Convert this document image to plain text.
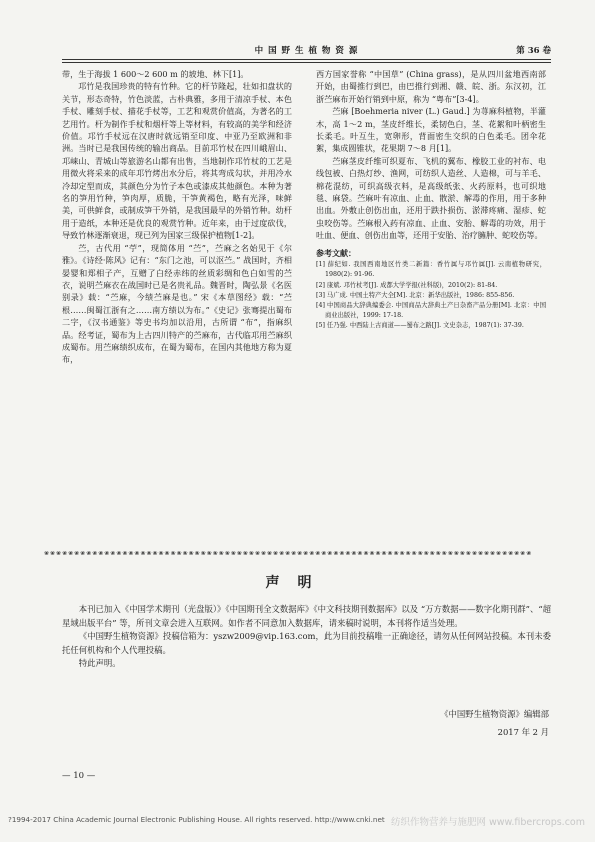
中 国 野 生 植 物 资 源	第 36 卷

带，生于海拔 1 600～2 600 m 的坡地、林下[1]。

邛竹是我国珍贵的特有竹种。它的杆节隆起，壮如扣盘状的关节，形态奇特，竹色淡蓝，古朴典雅，多用于清凉手杖、本色手杖、雕刻手杖、描花手杖等，工艺和观赏价值高，为著名的工艺用竹。杆为制作手杖和烟杆等上等材料，有较高的美学和经济价值。邛竹手杖远在汉唐时就远销至印度、中亚乃至欧洲和非洲。当时已是我国传统的输出商品。目前邛竹杖在四川峨眉山、邛崃山、青城山等旅游名山都有出售，当地制作邛竹杖的工艺是用微火将采来的成年邛竹烤出水分后，将其弯成勾状，并用冷水冷却定型而成，其颜色分为竹子本色或漆成其他颜色。本种为著名的笋用竹种，笋肉厚，质脆，干笋黄褐色，略有光泽，味鲜美，可供鲜食，或制成笋干外销，是我国最早的外销竹种。幼杆用于造纸，本种还是优良的观赏竹种。近年来，由于过度砍伐，导致竹林逐渐衰退，现已列为国家三级保护植物[1-2]。

苎，古代用 “苧”，现简体用 “苎”，苎麻之名始见于《尔雅》。《诗经·陈风》记有：“东门之池，可以沤苎。” 战国时，齐相晏婴和郑相子产，互赠了白经赤纬的丝质彩绸和色白如雪的苎衣，说明苎麻衣在战国时已是名贵礼品。魏晋时，陶弘景《名医别录》载：“苎麻，今绩苎麻是也。” 宋《本草图经》载：“苎根……闽蜀江浙有之……南方绩以为布。”《史记》张骞提出蜀布二字，《汉书通鉴》等史书均加以沿用，古所谓 “布”，指麻织品。经考证，蜀布为上古四川特产的苎麻布，古代临邛用苎麻织成蜀布。用苎麻绩织成布，在蜀为蜀布，在国内其他地方称为夏布，

西方国家誉称 “中国草” (China grass)，是从四川盆地西南部开始，由蜀推行到巴，由巴推行到湘、赣、皖、浙。东汉初，江浙苎麻布开始行销到中原，称为 “粤布”[3-4]。

苎麻 [Boehmeria niver (L.) Gaud.] 为荨麻科植物，半灌木，高 1～2 m，茎皮纤维长，柔韧色白，茎、花絮和叶柄密生长柔毛。叶互生，宽卵形，背面密生交织的白色柔毛。团伞花絮，集成圆锥状，花果期 7～8 月[1]。

苎麻茎皮纤维可织夏布、飞机的翼布、橡胶工业的衬布、电线包被、白热灯纱、渔网，可纺织人造丝、人造棉，可与羊毛、棉花混纺，可织高级衣料，是高级纸张、火药原料，也可织地毯、麻袋。苎麻叶有凉血、止血、散淤、解毒的作用，用于多种出血。外敷止创伤出血，还用于跌扑损伤、淤滞疼痛、湿疹、蛇虫咬伤等。苎麻根入药有凉血、止血、安胎、解毒的功效，用于吐血、便血、创伤出血等，还用于安胎、治疗臃肿、蛇咬伤等。

参考文献：

[1] 薛纪如. 我国西南地区竹类二新篇：香竹属与邛竹属[J]. 云南植物研究，1980(2): 91-96.

[2] 康斌. 邛竹杖考[J]. 成都大学学报(社科版)，2010(2): 81-84.

[3] 马广成. 中国土特产大全[M]. 北京：新华出版社，1986: 855-856.

[4] 中国商品大辞典编委会. 中国商品大辞典土产日杂畜产品分册[M]. 北京：中国商业出版社，1999: 17-18.

[5] 任乃强. 中西陆上古商道——蜀布之路[J]. 文史杂志，1987(1): 37-39.

❀❀❀❀❀❀❀❀❀❀❀❀❀❀❀❀❀❀❀❀❀❀❀❀❀❀❀❀❀❀❀❀❀❀❀❀❀❀❀❀❀❀❀❀❀❀❀❀❀❀❀❀❀❀❀❀❀❀❀❀❀❀❀❀❀❀❀❀❀❀❀❀❀❀❀❀❀❀❀❀❀
声明

本刊已加入《中国学术期刊（光盘版）》《中国期刊全文数据库》《中文科技期刊数据库》以及 “万方数据——数字化期刊群”、“超星域出版平台” 等，所刊文章会进入互联网。如作者不同意加入数据库，请来稿时说明，本刊将作适当处理。

《中国野生植物资源》投稿信箱为：yszw2009@vip.163.com，此为目前投稿唯一正确途径，请勿从任何网站投稿。本刊未委托任何机构和个人代理投稿。

特此声明。

《中国野生植物资源》编辑部
2017 年 2 月
— 10 —
?1994-2017 China Academic Journal Electronic Publishing House. All rights reserved. http://www.cnki.net 纺织作物营养与施肥网 www.fibercrops.com
